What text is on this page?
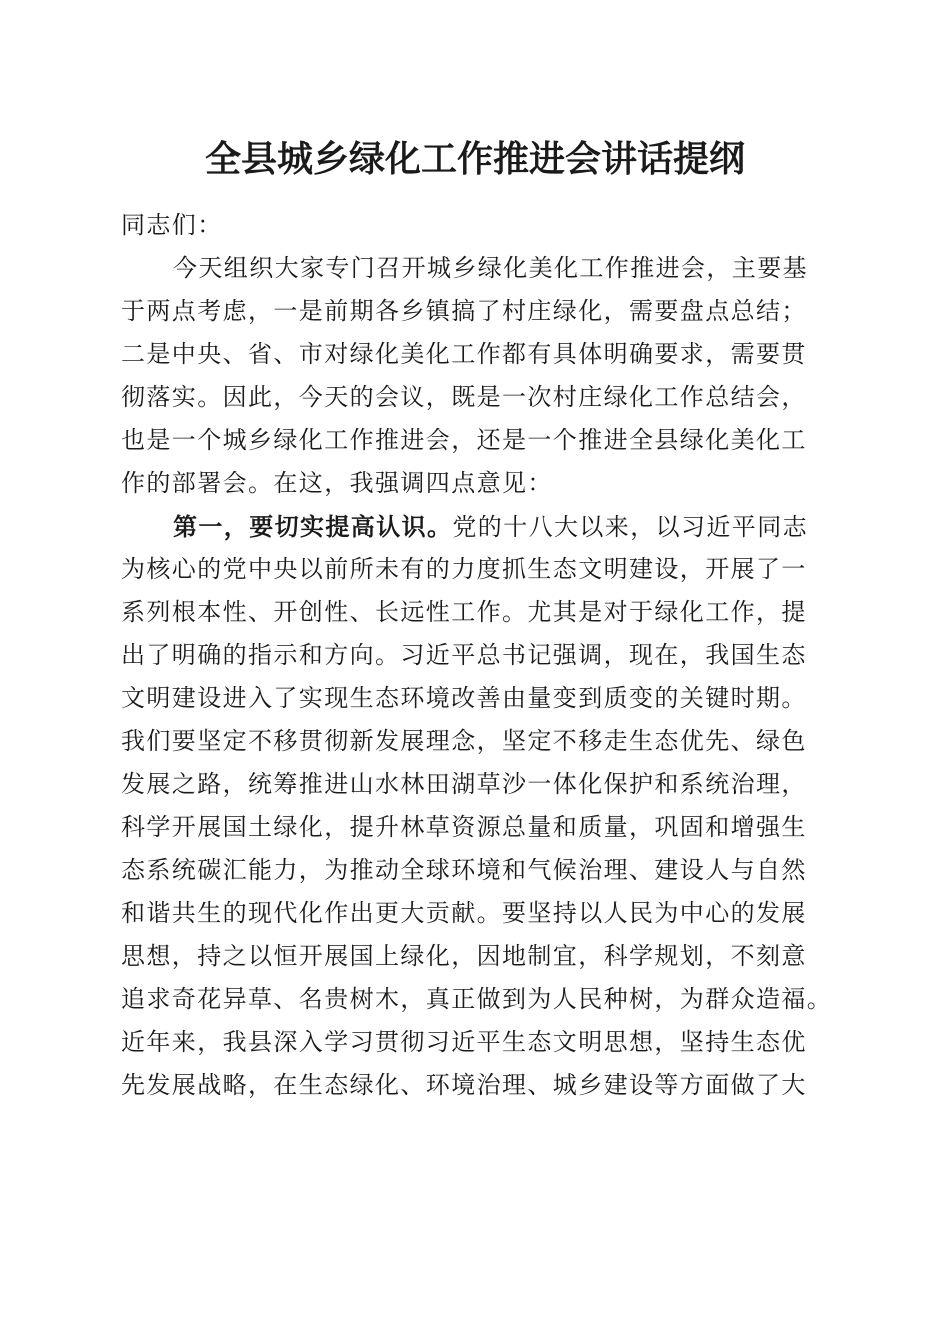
全县城乡绿化工作推进会讲话提纲
同志们：
今天组织大家专门召开城乡绿化美化工作推进会，主要基
于两点考虑，一是前期各乡镇搞了村庄绿化，需要盘点总结；
二是中央、省、市对绿化美化工作都有具体明确要求，需要贯
彻落实。因此，今天的会议，既是一次村庄绿化工作总结会，
也是一个城乡绿化工作推进会，还是一个推进全县绿化美化工
作的部署会。在这，我强调四点意见：
第一，要切实提高认识。党的十八大以来，以习近平同志
为核心的党中央以前所未有的力度抓生态文明建设，开展了一
系列根本性、开创性、长远性工作。尤其是对于绿化工作，提
出了明确的指示和方向。习近平总书记强调，现在，我国生态
文明建设进入了实现生态环境改善由量变到质变的关键时期。
我们要坚定不移贯彻新发展理念，坚定不移走生态优先、绿色
发展之路，统筹推进山水林田湖草沙一体化保护和系统治理，
科学开展国土绿化，提升林草资源总量和质量，巩固和增强生
态系统碳汇能力，为推动全球环境和气候治理、建设人与自然
和谐共生的现代化作出更大贡献。要坚持以人民为中心的发展
思想，持之以恒开展国上绿化，因地制宜，科学规划，不刻意
追求奇花异草、名贵树木，真正做到为人民种树，为群众造福。
近年来，我县深入学习贯彻习近平生态文明思想，坚持生态优
先发展战略，在生态绿化、环境治理、城乡建设等方面做了大
